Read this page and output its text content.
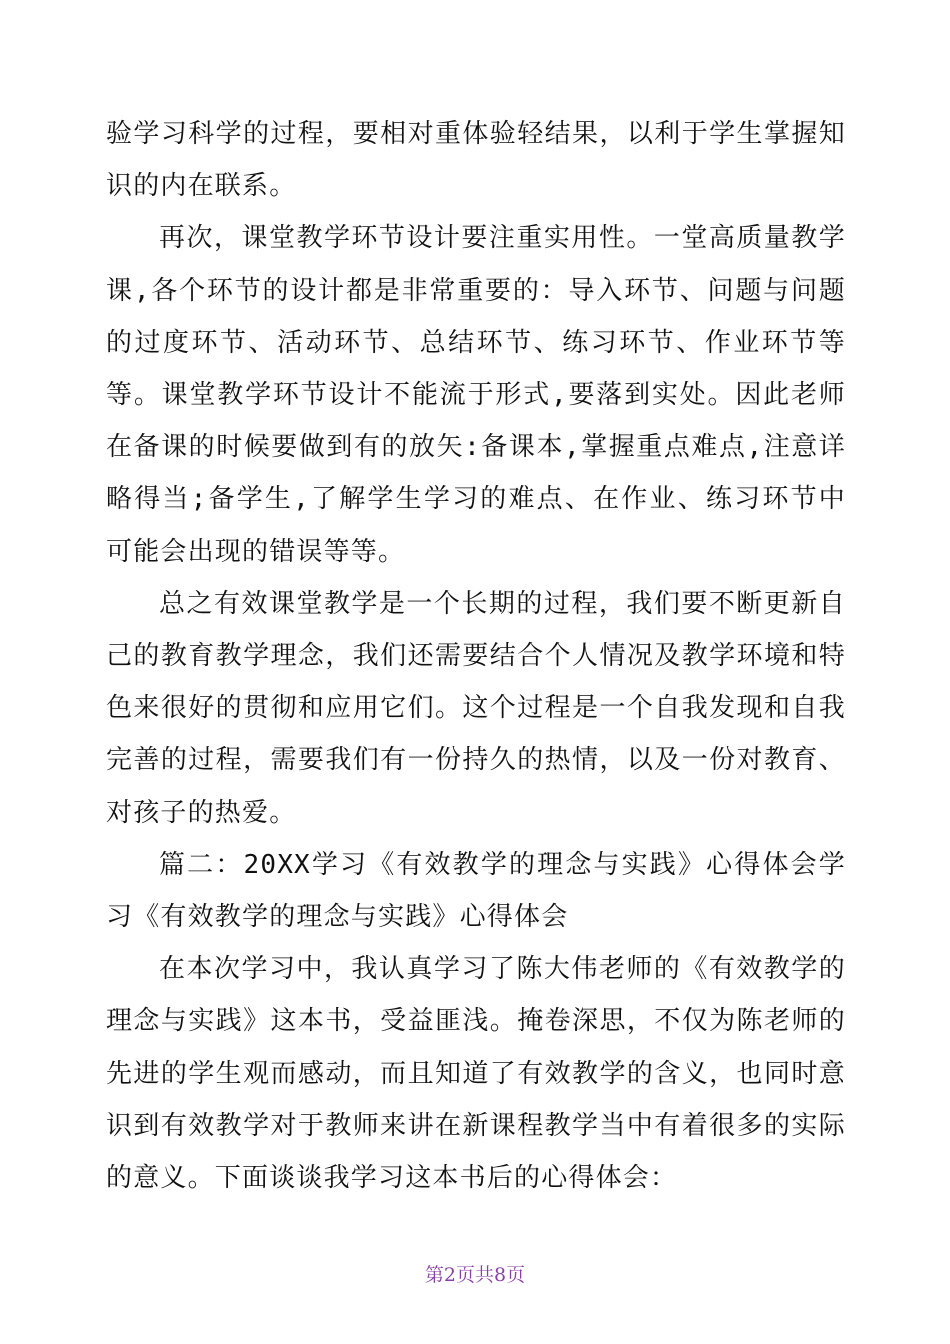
验学习科学的过程，要相对重体验轻结果，以利于学生掌握知识的内在联系。

再次，课堂教学环节设计要注重实用性。一堂高质量教学课,各个环节的设计都是非常重要的：导入环节、问题与问题的过度环节、活动环节、总结环节、练习环节、作业环节等等。课堂教学环节设计不能流于形式,要落到实处。因此老师在备课的时候要做到有的放矢:备课本,掌握重点难点,注意详略得当;备学生,了解学生学习的难点、在作业、练习环节中可能会出现的错误等等。

总之有效课堂教学是一个长期的过程，我们要不断更新自己的教育教学理念，我们还需要结合个人情况及教学环境和特色来很好的贯彻和应用它们。这个过程是一个自我发现和自我完善的过程，需要我们有一份持久的热情，以及一份对教育、对孩子的热爱。

篇二：20XX学习《有效教学的理念与实践》心得体会学习《有效教学的理念与实践》心得体会

在本次学习中，我认真学习了陈大伟老师的《有效教学的理念与实践》这本书，受益匪浅。掩卷深思，不仅为陈老师的先进的学生观而感动，而且知道了有效教学的含义，也同时意识到有效教学对于教师来讲在新课程教学当中有着很多的实际的意义。下面谈谈我学习这本书后的心得体会：

第2页共8页
